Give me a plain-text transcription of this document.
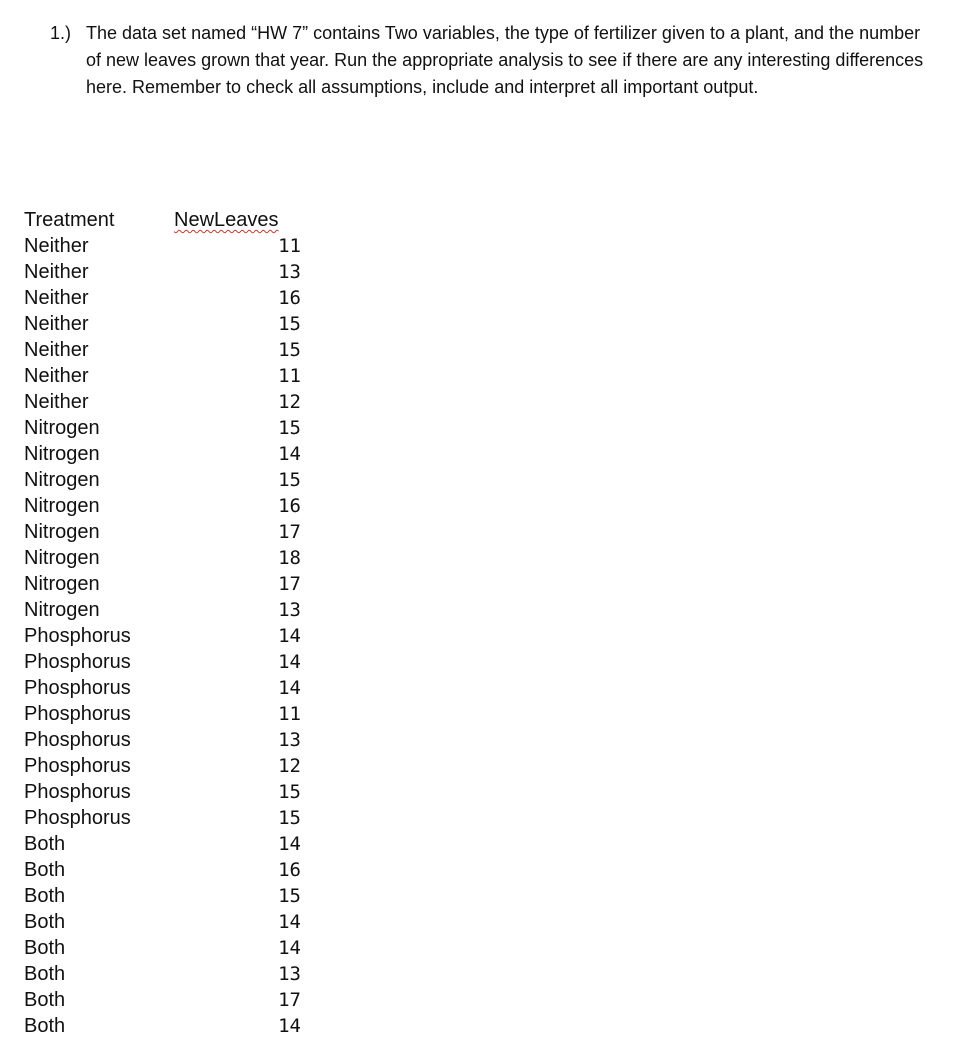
1.) The data set named “HW 7” contains Two variables, the type of fertilizer given to a plant, and the number of new leaves grown that year. Run the appropriate analysis to see if there are any interesting differences here. Remember to check all assumptions, include and interpret all important output.
Treatment	NewLeaves
Neither	11
Neither	13
Neither	16
Neither	15
Neither	15
Neither	11
Neither	12
Nitrogen	15
Nitrogen	14
Nitrogen	15
Nitrogen	16
Nitrogen	17
Nitrogen	18
Nitrogen	17
Nitrogen	13
Phosphorus	14
Phosphorus	14
Phosphorus	14
Phosphorus	11
Phosphorus	13
Phosphorus	12
Phosphorus	15
Phosphorus	15
Both	14
Both	16
Both	15
Both	14
Both	14
Both	13
Both	17
Both	14
